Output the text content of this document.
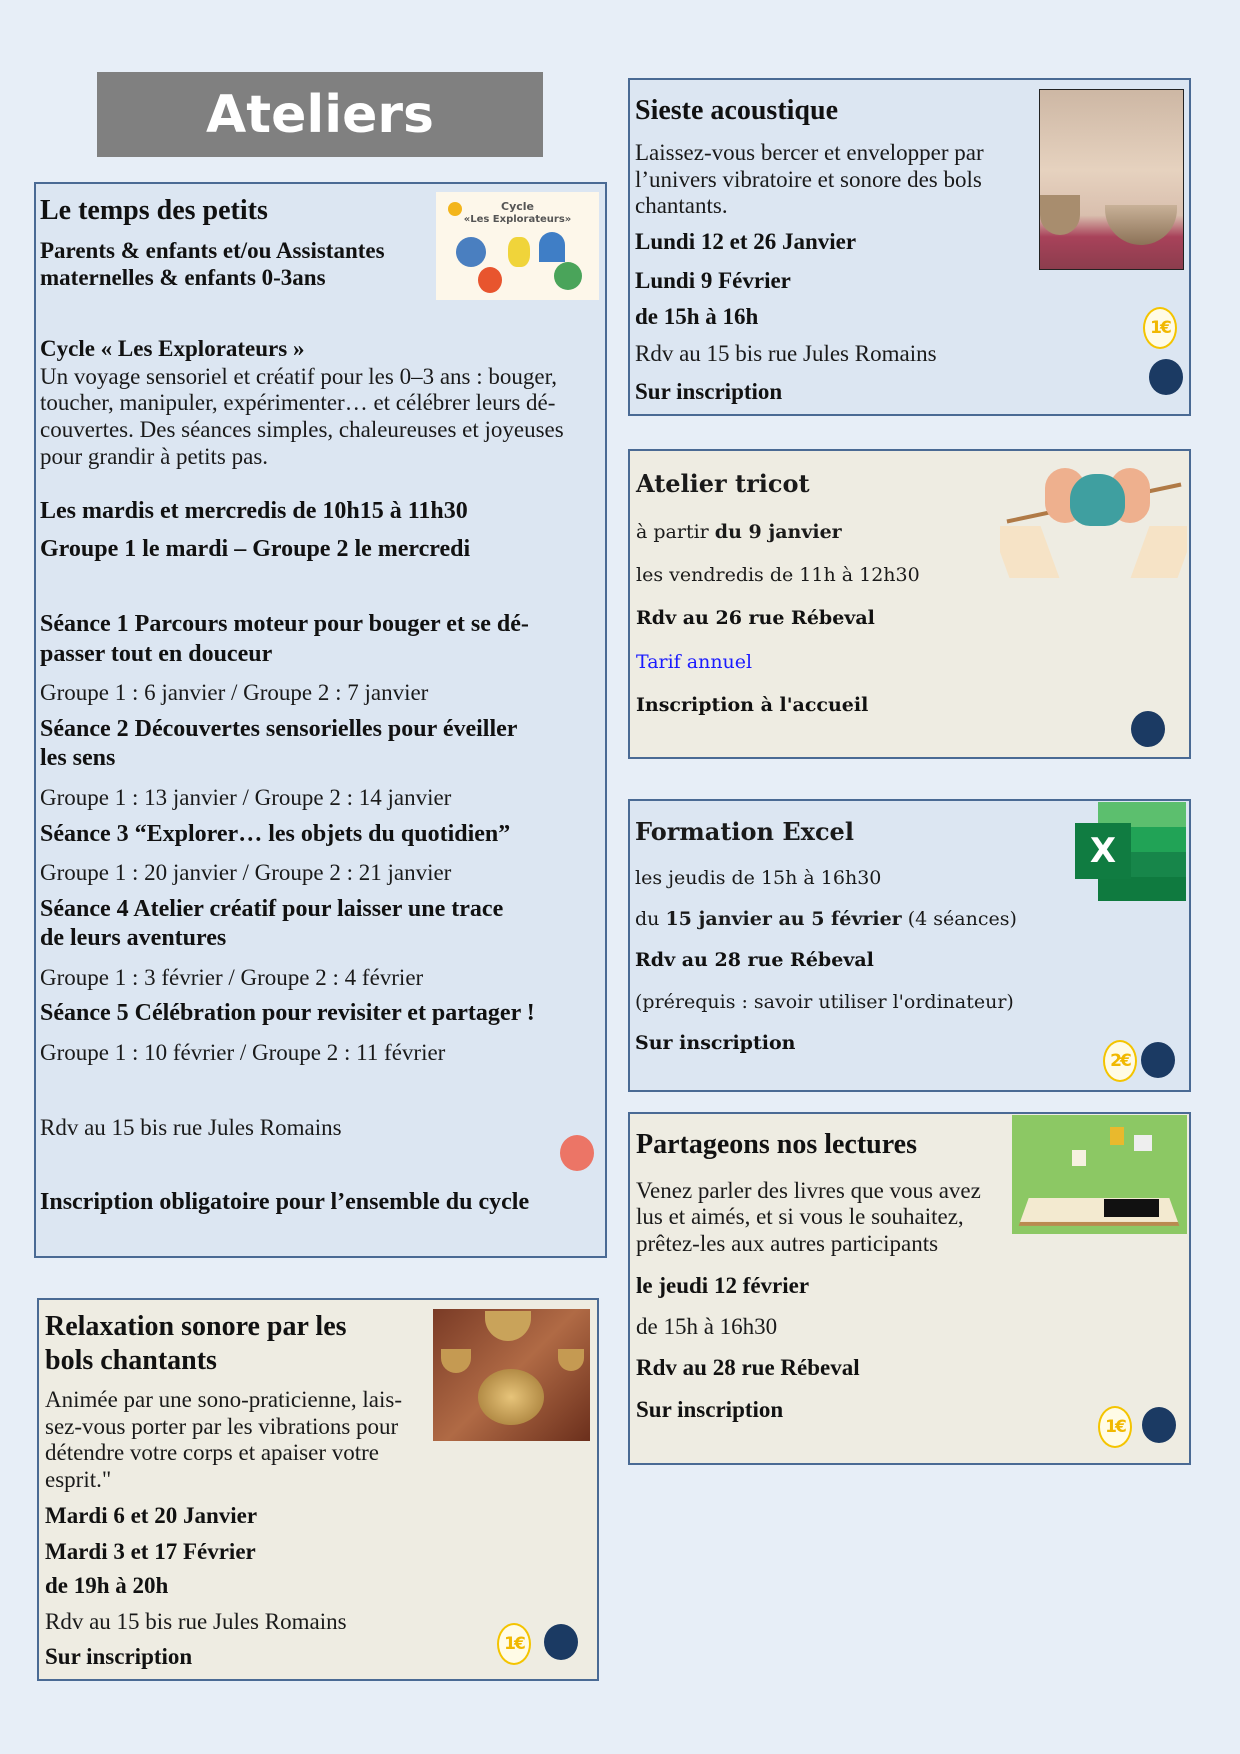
Ateliers
Cycle
«Les Explorateurs»
Le temps des petits
Parents & enfants et/ou Assistantes
maternelles & enfants 0-3ans
Cycle « Les Explorateurs »
Un voyage sensoriel et créatif pour les 0–3 ans : bouger,
toucher, manipuler, expérimenter… et célébrer leurs dé-
couvertes. Des séances simples, chaleureuses et joyeuses
pour grandir à petits pas.
Les mardis et mercredis de 10h15 à 11h30
Groupe 1 le mardi – Groupe 2 le mercredi
Séance 1 Parcours moteur pour bouger et se dé-
passer tout en douceur
Groupe 1 : 6 janvier / Groupe 2 : 7 janvier
Séance 2 Découvertes sensorielles pour éveiller
les sens
Groupe 1 : 13 janvier / Groupe 2 : 14 janvier
Séance 3 “Explorer… les objets du quotidien”
Groupe 1 : 20 janvier / Groupe 2 : 21 janvier
Séance 4 Atelier créatif pour laisser une trace
de leurs aventures
Groupe 1 : 3 février / Groupe 2 : 4 février
Séance 5 Célébration pour revisiter et partager !
Groupe 1 : 10 février / Groupe 2 : 11 février
Rdv au 15 bis rue Jules Romains
Inscription obligatoire pour l’ensemble du cycle
Relaxation sonore par les
bols chantants
Animée par une sono-praticienne, lais-
sez-vous porter par les vibrations pour
détendre votre corps et apaiser votre
esprit."
Mardi 6 et 20 Janvier
Mardi 3 et 17 Février
de 19h à 20h
Rdv au 15 bis rue Jules Romains
Sur inscription	1€
Sieste acoustique
Laissez-vous bercer et envelopper par
l’univers vibratoire et sonore des bols
chantants.
Lundi 12 et 26 Janvier
Lundi 9 Février
de 15h à 16h
Rdv au 15 bis rue Jules Romains
Sur inscription
1€
Atelier tricot
à partir du 9 janvier
les vendredis de 11h à 12h30
Rdv au 26 rue Rébeval
Tarif annuel
Inscription à l'accueil
X
Formation Excel
les jeudis de 15h à 16h30
du 15 janvier au 5 février (4 séances)
Rdv au 28 rue Rébeval
(prérequis : savoir utiliser l'ordinateur)
Sur inscription
2€
Partageons nos lectures
Venez parler des livres que vous avez
lus et aimés, et si vous le souhaitez,
prêtez-les aux autres participants
le jeudi 12 février
de 15h à 16h30
Rdv au 28 rue Rébeval
Sur inscription
1€
